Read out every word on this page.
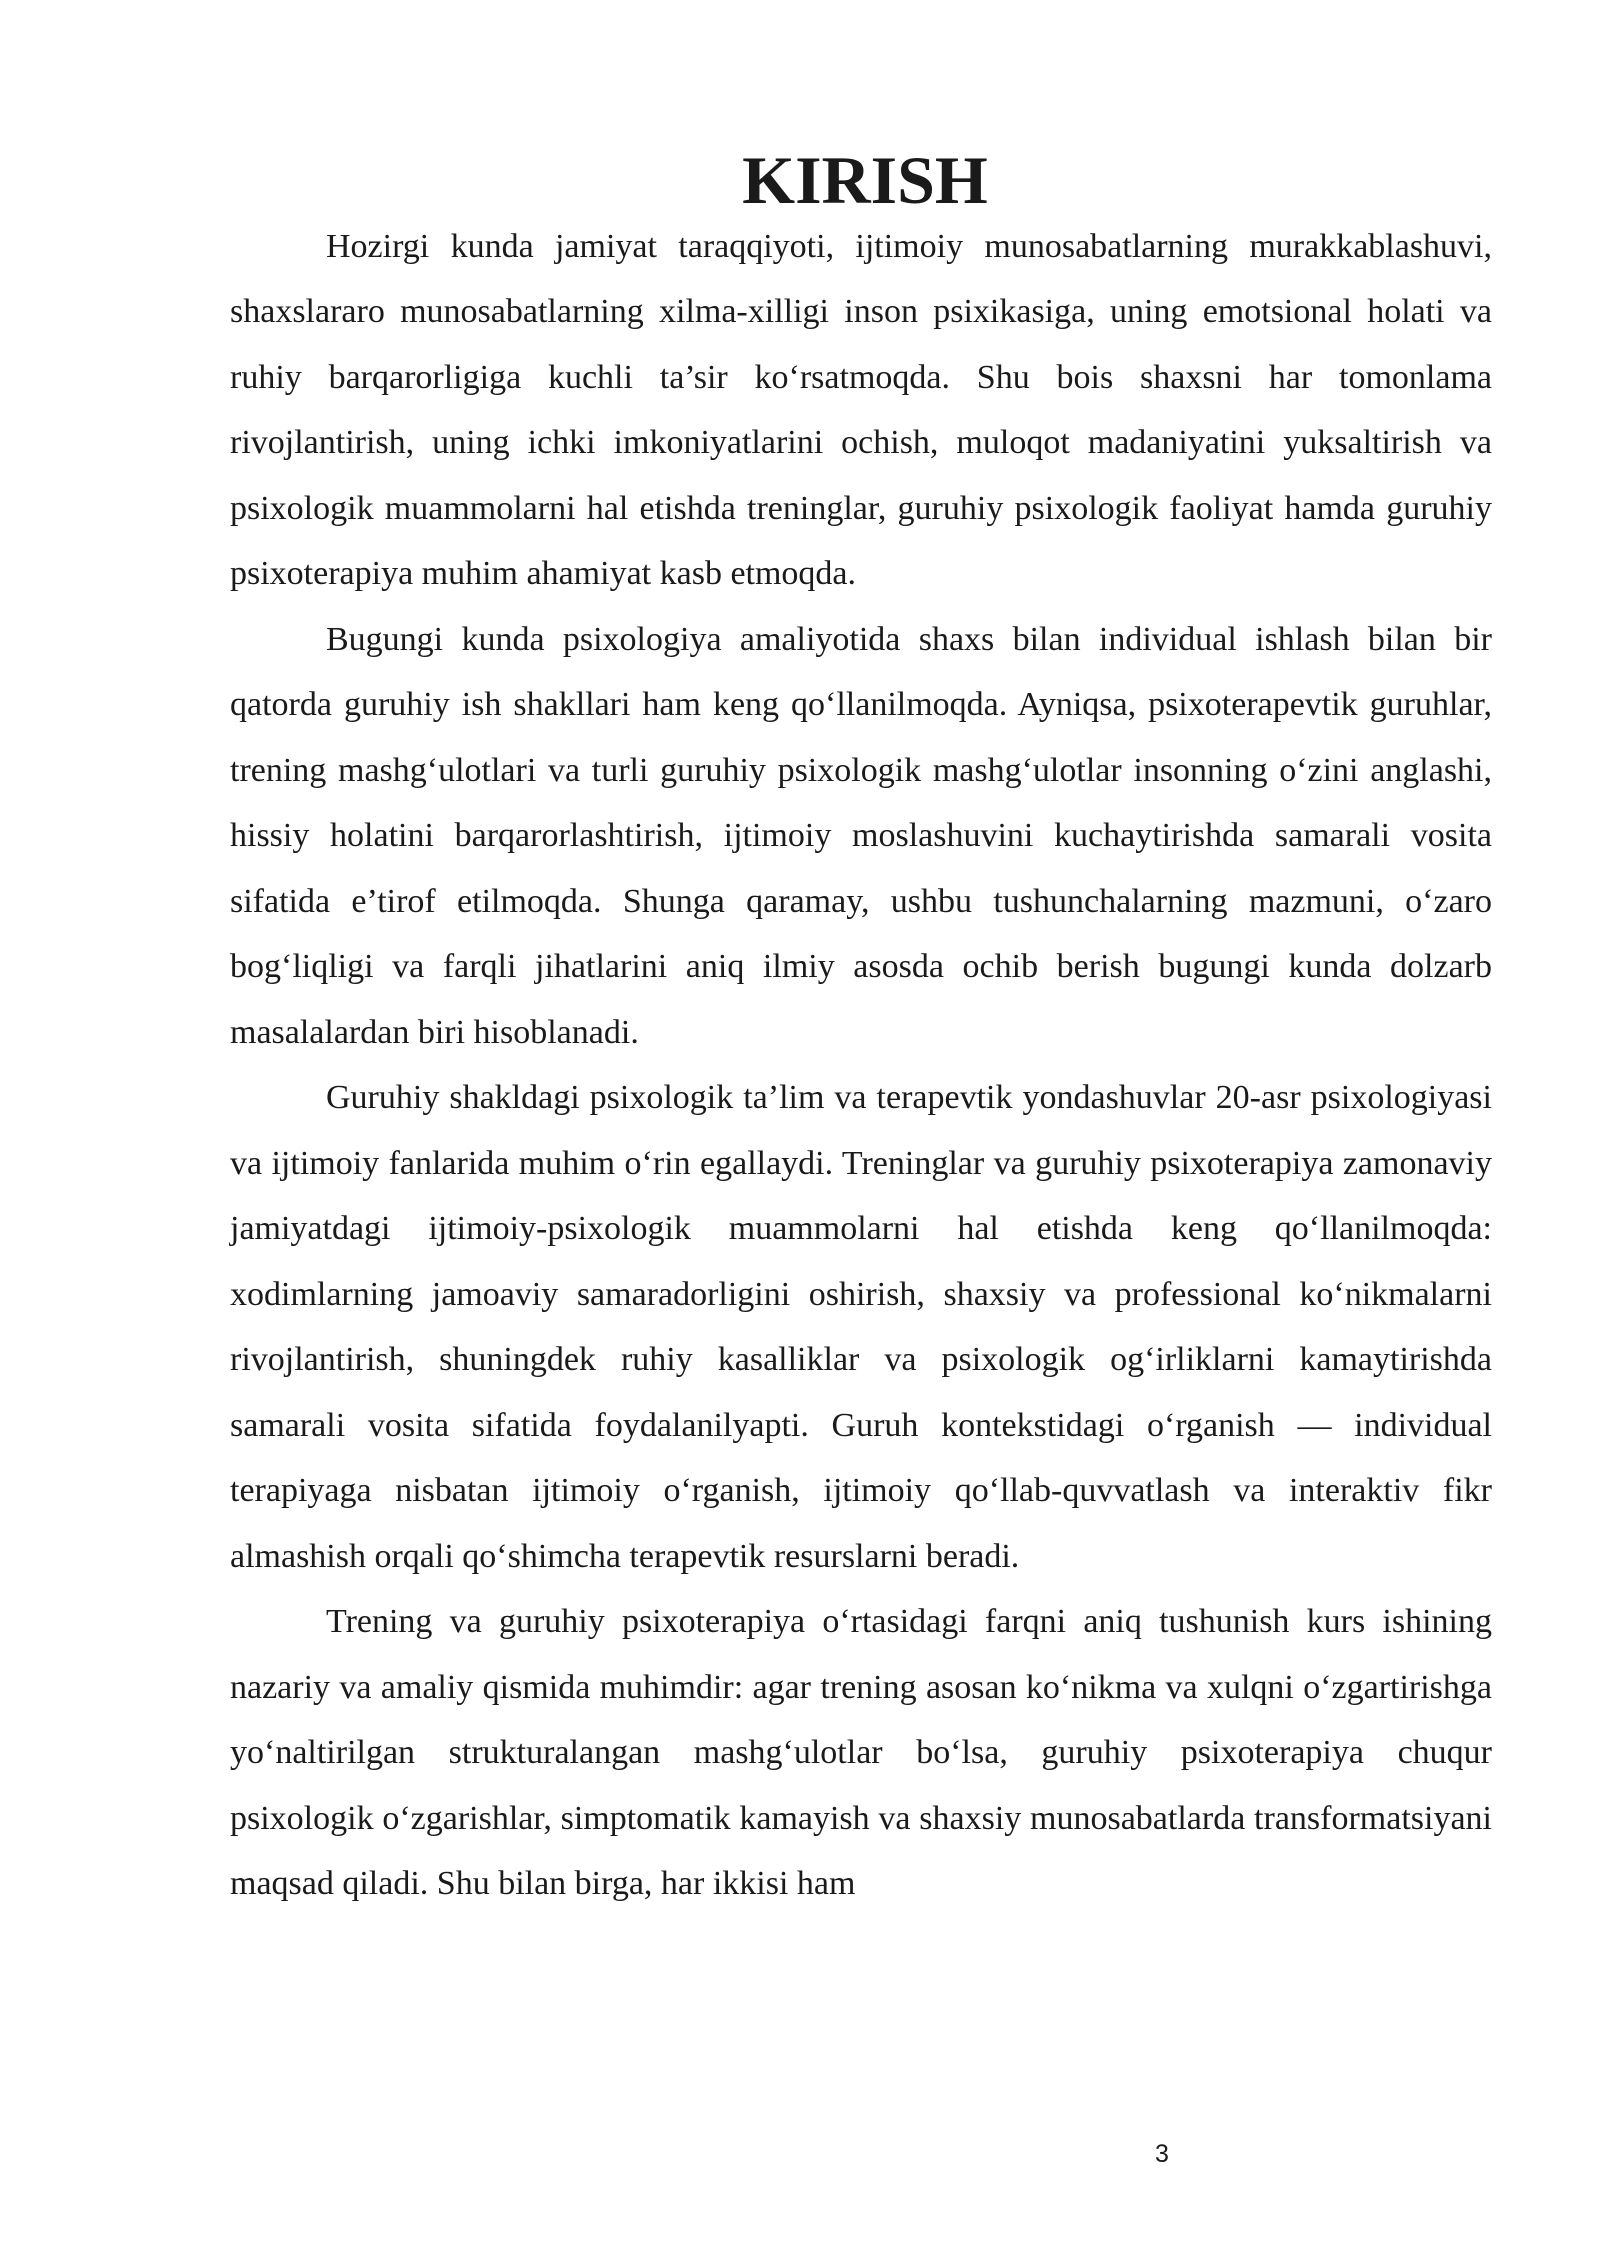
KIRISH

Hozirgi kunda jamiyat taraqqiyoti, ijtimoiy munosabatlarning murakkablashuvi, shaxslararo munosabatlarning xilma-xilligi inson psixikasiga, uning emotsional holati va ruhiy barqarorligiga kuchli ta’sir ko‘rsatmoqda. Shu bois shaxsni har tomonlama rivojlantirish, uning ichki imkoniyatlarini ochish, muloqot madaniyatini yuksaltirish va psixologik muammolarni hal etishda treninglar, guruhiy psixologik faoliyat hamda guruhiy psixoterapiya muhim ahamiyat kasb etmoqda.

Bugungi kunda psixologiya amaliyotida shaxs bilan individual ishlash bilan bir qatorda guruhiy ish shakllari ham keng qo‘llanilmoqda. Ayniqsa, psixoterapevtik guruhlar, trening mashg‘ulotlari va turli guruhiy psixologik mashg‘ulotlar insonning o‘zini anglashi, hissiy holatini barqarorlashtirish, ijtimoiy moslashuvini kuchaytirishda samarali vosita sifatida e’tirof etilmoqda. Shunga qaramay, ushbu tushunchalarning mazmuni, o‘zaro bog‘liqligi va farqli jihatlarini aniq ilmiy asosda ochib berish bugungi kunda dolzarb masalalardan biri hisoblanadi.

Guruhiy shakldagi psixologik ta’lim va terapevtik yondashuvlar 20-asr psixologiyasi va ijtimoiy fanlarida muhim o‘rin egallaydi. Treninglar va guruhiy psixoterapiya zamonaviy jamiyatdagi ijtimoiy-psixologik muammolarni hal etishda keng qo‘llanilmoqda: xodimlarning jamoaviy samaradorligini oshirish, shaxsiy va professional ko‘nikmalarni rivojlantirish, shuningdek ruhiy kasalliklar va psixologik og‘irliklarni kamaytirishda samarali vosita sifatida foydalanilyapti. Guruh kontekstidagi o‘rganish — individual terapiyaga nisbatan ijtimoiy o‘rganish, ijtimoiy qo‘llab-quvvatlash va interaktiv fikr almashish orqali qo‘shimcha terapevtik resurslarni beradi.

Trening va guruhiy psixoterapiya o‘rtasidagi farqni aniq tushunish kurs ishining nazariy va amaliy qismida muhimdir: agar trening asosan ko‘nikma va xulqni o‘zgartirishga yo‘naltirilgan strukturalangan mashg‘ulotlar bo‘lsa, guruhiy psixoterapiya chuqur psixologik o‘zgarishlar, simptomatik kamayish va shaxsiy munosabatlarda transformatsiyani maqsad qiladi. Shu bilan birga, har ikkisi ham

3
